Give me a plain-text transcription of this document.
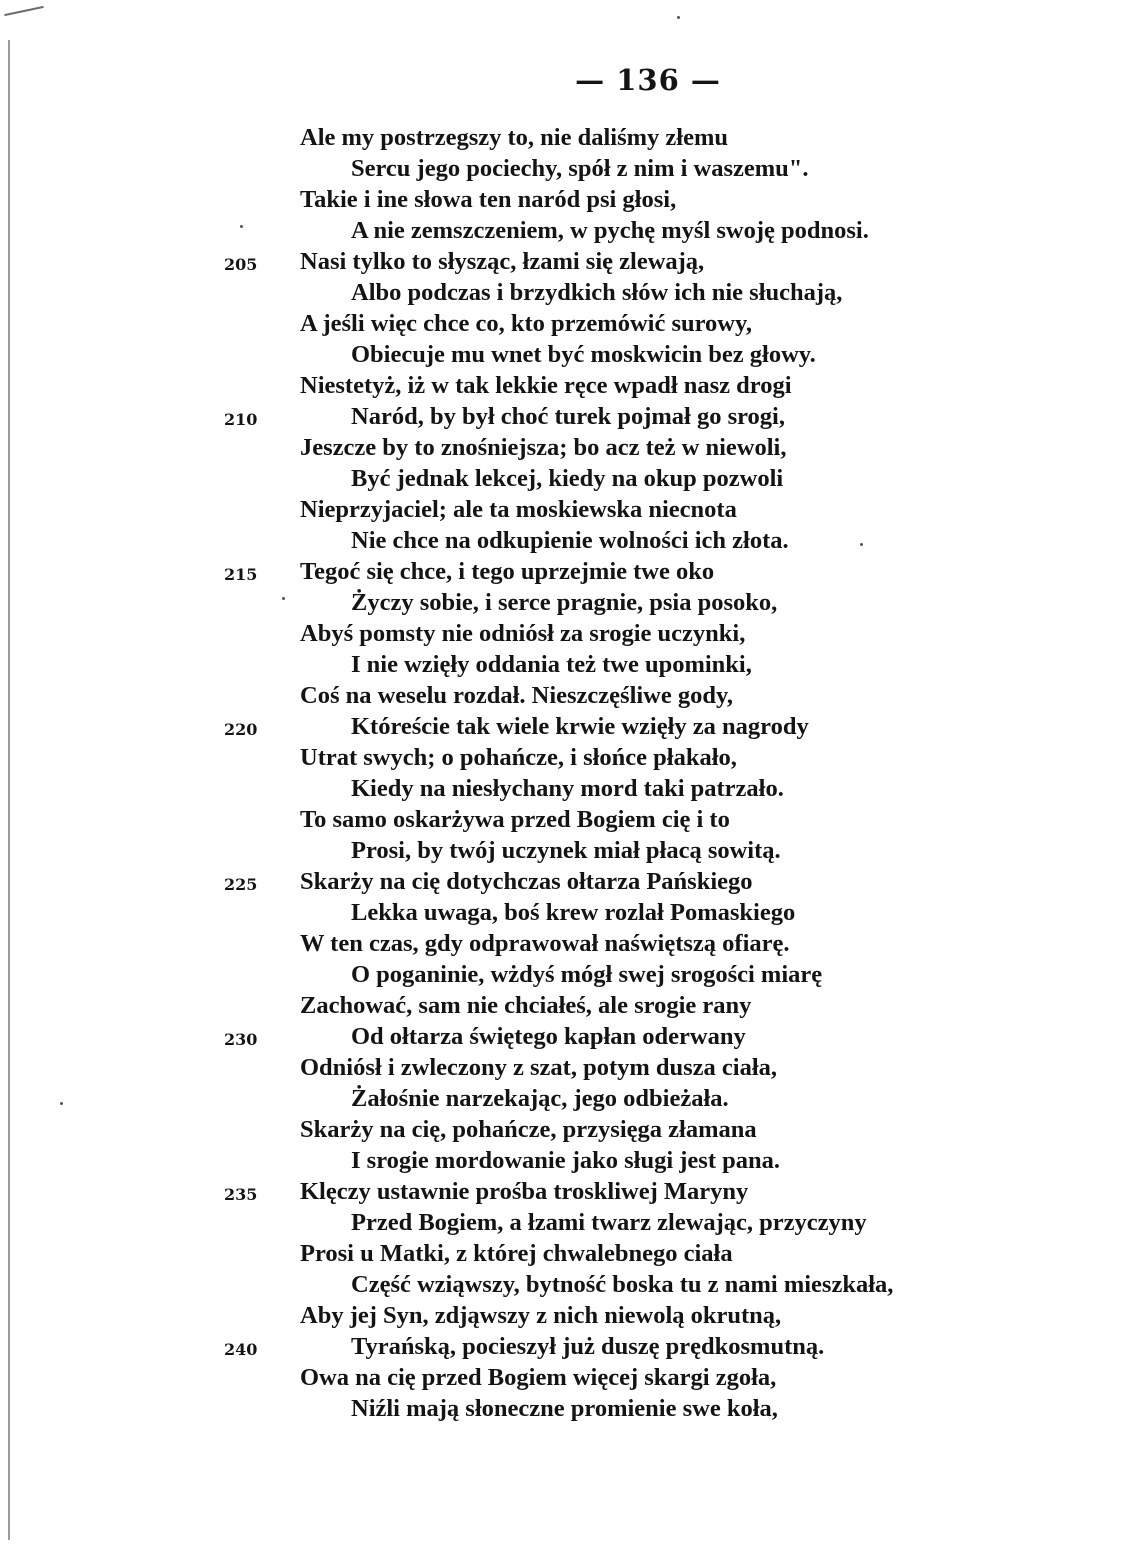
— 136 —
Ale my postrzegszy to, nie daliśmy złemu
Sercu jego pociechy, spół z nim i waszemu".
Takie i ine słowa ten naród psi głosi,
A nie zemszczeniem, w pychę myśl swoję podnosi.
205 Nasi tylko to słysząc, łzami się zlewają,
Albo podczas i brzydkich słów ich nie słuchają,
A jeśli więc chce co, kto przemówić surowy,
Obiecuje mu wnet być moskwicin bez głowy.
Niestetyż, iż w tak lekkie ręce wpadł nasz drogi
210	Naród, by był choć turek pojmał go srogi,
Jeszcze by to znośniejsza; bo acz też w niewoli,
Być jednak lekcej, kiedy na okup pozwoli
Nieprzyjaciel; ale ta moskiewska niecnota
Nie chce na odkupienie wolności ich złota.
215 Tegoć się chce, i tego uprzejmie twe oko
Życzy sobie, i serce pragnie, psia posoko,
Abyś pomsty nie odniósł za srogie uczynki,
I nie wzięły oddania też twe upominki,
Coś na weselu rozdał. Nieszczęśliwe gody,
220	Któreście tak wiele krwie wzięły za nagrody
Utrat swych; o pohańcze, i słońce płakało,
Kiedy na niesłychany mord taki patrzało.
To samo oskarżywa przed Bogiem cię i to
Prosi, by twój uczynek miał płacą sowitą.
225 Skarży na cię dotychczas ołtarza Pańskiego
Lekka uwaga, boś krew rozlał Pomaskiego
W ten czas, gdy odprawował naświętszą ofiarę.
O poganinie, wżdyś mógł swej srogości miarę
Zachować, sam nie chciałeś, ale srogie rany
230	Od ołtarza świętego kapłan oderwany
Odniósł i zwleczony z szat, potym dusza ciała,
Żałośnie narzekając, jego odbieżała.
Skarży na cię, pohańcze, przysięga złamana
I srogie mordowanie jako sługi jest pana.
235 Klęczy ustawnie prośba troskliwej Maryny
Przed Bogiem, a łzami twarz zlewając, przyczyny
Prosi u Matki, z której chwalebnego ciała
Część wziąwszy, bytność boska tu z nami mieszkała,
Aby jej Syn, zdjąwszy z nich niewolą okrutną,
240	Tyrańską, pocieszył już duszę prędkosmutną.
Owa na cię przed Bogiem więcej skargi zgoła,
Niźli mają słoneczne promienie swe koła,
